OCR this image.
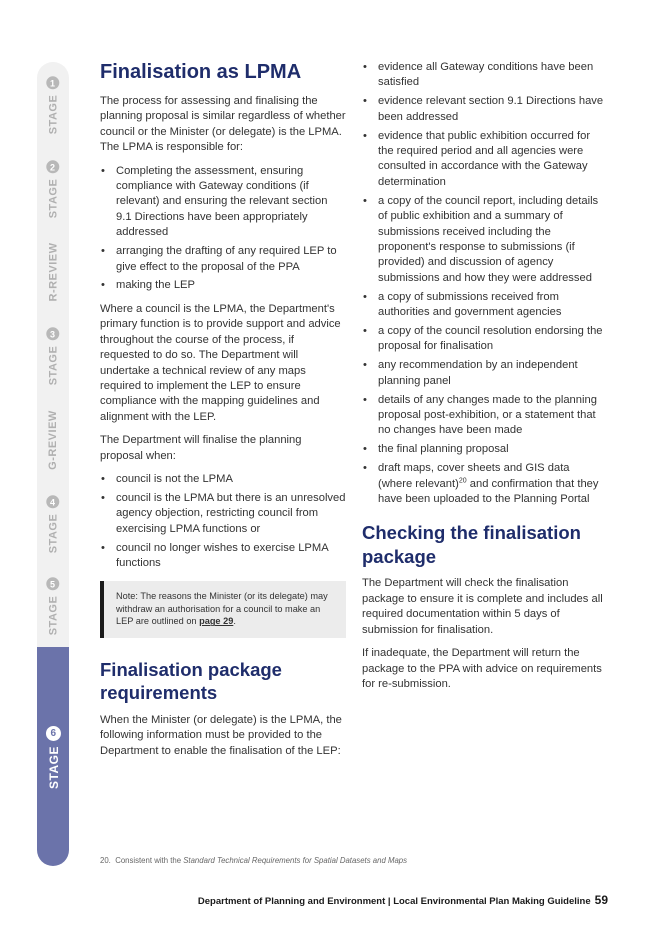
STAGE
1
STAGE
2
R-REVIEW
STAGE
3
G-REVIEW
STAGE
4
STAGE
5
STAGE
6
Finalisation as LPMA

The process for assessing and finalising the planning proposal is similar regardless of whether council or the Minister (or delegate) is the LPMA. The LPMA is responsible for:

• Completing the assessment, ensuring compliance with Gateway conditions (if relevant) and ensuring the relevant section 9.1 Directions have been appropriately addressed
• arranging the drafting of any required LEP to give effect to the proposal of the PPA
• making the LEP

Where a council is the LPMA, the Department's primary function is to provide support and advice throughout the course of the process, if requested to do so. The Department will undertake a technical review of any maps required to implement the LEP to ensure compliance with the mapping guidelines and alignment with the LEP.

The Department will finalise the planning proposal when:

• council is not the LPMA
• council is the LPMA but there is an unresolved agency objection, restricting council from exercising LPMA functions or
• council no longer wishes to exercise LPMA functions
Note: The reasons the Minister (or its delegate) may withdraw an authorisation for a council to make an LEP are outlined on page 29.
Finalisation package requirements

When the Minister (or delegate) is the LPMA, the following information must be provided to the Department to enable the finalisation of the LEP:

• evidence all Gateway conditions have been satisfied
• evidence relevant section 9.1 Directions have been addressed
• evidence that public exhibition occurred for the required period and all agencies were consulted in accordance with the Gateway determination
• a copy of the council report, including details of public exhibition and a summary of submissions received including the proponent's response to submissions (if provided) and discussion of agency submissions and how they were addressed
• a copy of submissions received from authorities and government agencies
• a copy of the council resolution endorsing the proposal for finalisation
• any recommendation by an independent planning panel
• details of any changes made to the planning proposal post-exhibition, or a statement that no changes have been made
• the final planning proposal
• draft maps, cover sheets and GIS data (where relevant)$^{20}$ and confirmation that they have been uploaded to the Planning Portal
Checking the finalisation package

The Department will check the finalisation package to ensure it is complete and includes all required documentation within 5 days of submission for finalisation.

If inadequate, the Department will return the package to the PPA with advice on requirements for re-submission.

20. Consistent with the Standard Technical Requirements for Spatial Datasets and Maps
Department of Planning and Environment | Local Environmental Plan Making Guideline 59
